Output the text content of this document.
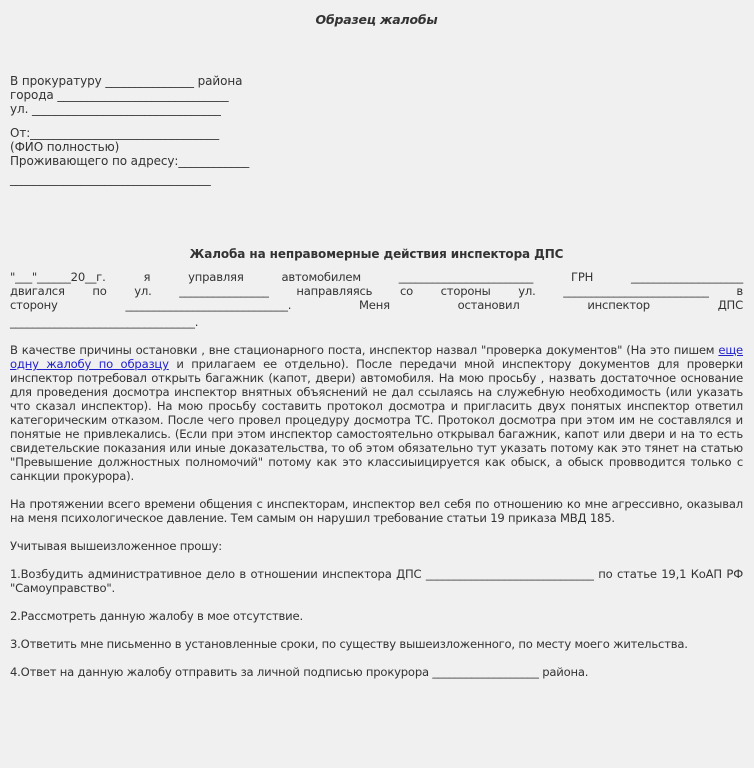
Образец жалобы
В прокуратуру _______________ района
города _____________________________
ул. ________________________________
От:________________________________
(ФИО полностью)
Проживающего по адресу:____________
__________________________________
Жалоба на неправомерные действия инспектора ДПС
"___"______20__г.	я	управляя	автомобилем	________________________	ГРН	____________________
двигался по ул. ________________ направляясь со стороны ул. __________________________ в
сторону	_____________________________.	Меня	остановил	инспектор	ДПС
_________________________________.

В качестве причины остановки , вне стационарного поста, инспектор назвал "проверка документов" (На это пишем еще одну жалобу по образцу и прилагаем ее отдельно). После передачи мной инспектору документов для проверки инспектор потребовал открыть багажник (капот, двери) автомобиля. На мою просьбу , назвать достаточное основание для проведения досмотра инспектор внятных объяснений не дал ссылаясь на служебную необходимость (или указать что сказал инспектор). На мою просьбу составить протокол досмотра и пригласить двух понятых инспектор ответил категорическим отказом. После чего провел процедуру досмотра ТС. Протокол досмотра при этом им не составлялся и понятые не привлекались. (Если при этом инспектор самостоятельно открывал багажник, капот или двери и на то есть свидетельские показания или иные доказательства, то об этом обязательно тут указать потому как это тянет на статью "Превышение должностных полномочий" потому как это классиыицируется как обыск, а обыск провводится только с санкции прокурора).

На протяжении всего времени общения с инспекторам, инспектор вел себя по отношению ко мне агрессивно, оказывал на меня психологическое давление. Тем самым он нарушил требование статьи 19 приказа МВД 185.

Учитывая вышеизложенное прошу:

1.Возбудить административное дело в отношении инспектора ДПС ______________________________ по статье 19,1 КоАП РФ "Самоуправство".

2.Рассмотреть данную жалобу в мое отсутствие.

3.Ответить мне письменно в установленные сроки, по существу вышеизложенного, по месту моего жительства.

4.Ответ на данную жалобу отправить за личной подписью прокурора ___________________ района.
